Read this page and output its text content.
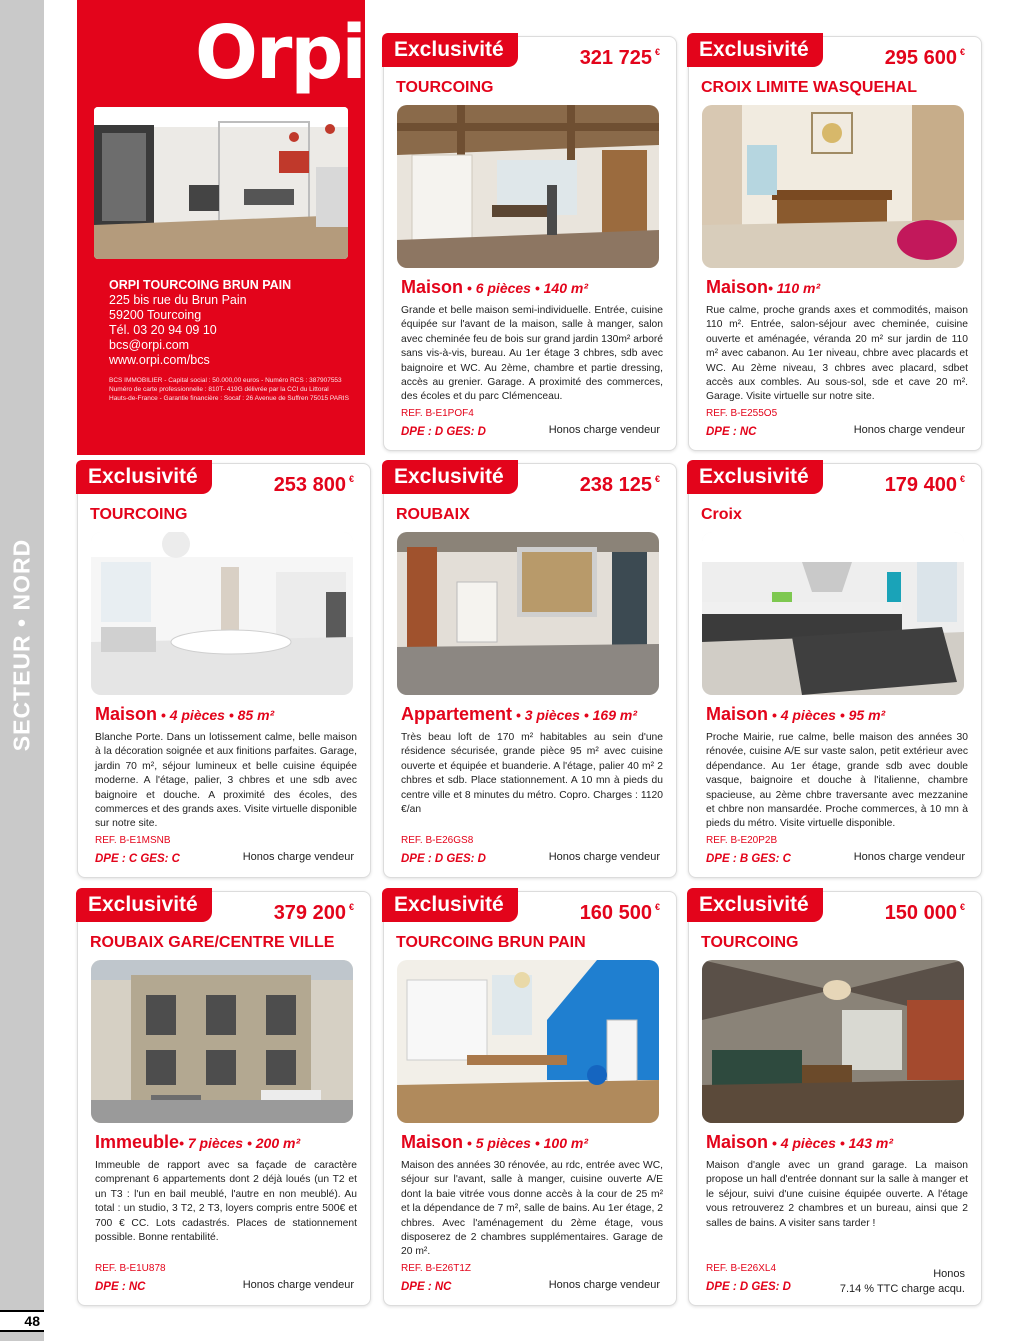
SECTEUR • NORD
48
Orpi
ORPI TOURCOING BRUN PAIN
225 bis rue du Brun Pain
59200 Tourcoing
Tél. 03 20 94 09 10
bcs@orpi.com
www.orpi.com/bcs
BCS IMMOBILIER - Capital social : 50.000,00 euros - Numéro RCS : 387907553 Numéro de carte professionnelle : 810T- 419G délivrée par la CCI du Littoral Hauts-de-France - Garantie financière : Socaf : 26 Avenue de Suffren 75015 PARIS
Exclusivité	321 725 €
TOURCOING
Maison • 6 pièces • 140 m²
Grande et belle maison semi-individuelle. Entrée, cuisine équipée sur l'avant de la maison, salle à manger, salon avec cheminée feu de bois sur grand jardin 130m² arboré sans vis-à-vis, bureau. Au 1er étage 3 chbres, sdb avec baignoire et WC. Au 2ème, chambre et partie dressing, accès au grenier. Garage. A proximité des commerces, des écoles et du parc Clémenceau.
REF. B-E1POF4
DPE : D GES: D	Honos charge vendeur
Exclusivité	295 600 €
CROIX LIMITE WASQUEHAL
Maison• 110 m²
Rue calme, proche grands axes et commodités, maison 110 m². Entrée, salon-séjour avec cheminée, cuisine ouverte et aménagée, véranda 20 m² sur jardin de 110 m² avec cabanon. Au 1er niveau, chbre avec placards et WC. Au 2ème niveau, 3 chbres avec placard, sdbet accès aux combles. Au sous-sol, sde et cave 20 m². Garage. Visite virtuelle sur notre site.
REF. B-E255O5
DPE : NC	Honos charge vendeur
Exclusivité	253 800 €
TOURCOING
Maison • 4 pièces • 85 m²
Blanche Porte. Dans un lotissement calme, belle maison à la décoration soignée et aux finitions parfaites. Garage, jardin 70 m², séjour lumineux et belle cuisine équipée moderne. A l'étage, palier, 3 chbres et une sdb avec baignoire et douche. A proximité des écoles, des commerces et des grands axes. Visite virtuelle disponible sur notre site.
REF. B-E1MSNB
DPE : C GES: C	Honos charge vendeur
Exclusivité	238 125 €
ROUBAIX
Appartement • 3 pièces • 169 m²
Très beau loft de 170 m² habitables au sein d'une résidence sécurisée, grande pièce 95 m² avec cuisine ouverte et équipée et buanderie. A l'étage, palier 40 m² 2 chbres et sdb. Place stationnement. A 10 mn à pieds du centre ville et 8 minutes du métro. Copro. Charges : 1120 €/an
REF. B-E26GS8
DPE : D GES: D	Honos charge vendeur
Exclusivité	179 400 €
Croix
Maison • 4 pièces • 95 m²
Proche Mairie, rue calme, belle maison des années 30 rénovée, cuisine A/E sur vaste salon, petit extérieur avec dépendance. Au 1er étage, grande sdb avec double vasque, baignoire et douche à l'italienne, chambre spacieuse, au 2ème chbre traversante avec mezzanine et chbre non mansardée. Proche commerces, à 10 mn à pieds du métro. Visite virtuelle disponible.
REF. B-E20P2B
DPE : B GES: C	Honos charge vendeur
Exclusivité	379 200 €
ROUBAIX GARE/CENTRE VILLE
Immeuble• 7 pièces • 200 m²
Immeuble de rapport avec sa façade de caractère comprenant 6 appartements dont 2 déjà loués (un T2 et un T3 : l'un en bail meublé, l'autre en non meublé). Au total : un studio, 3 T2, 2 T3, loyers compris entre 500€ et 700 € CC. Lots cadastrés. Places de stationnement possible. Bonne rentabilité.
REF. B-E1U878
DPE : NC	Honos charge vendeur
Exclusivité	160 500 €
TOURCOING BRUN PAIN
Maison • 5 pièces • 100 m²
Maison des années 30 rénovée, au rdc, entrée avec WC, séjour sur l'avant, salle à manger, cuisine ouverte A/E dont la baie vitrée vous donne accès à la cour de 25 m² et la dépendance de 7 m², salle de bains. Au 1er étage, 2 chbres. Avec l'aménagement du 2ème étage, vous disposerez de 2 chambres supplémentaires. Garage de 20 m².
REF. B-E26T1Z
DPE : NC	Honos charge vendeur
Exclusivité	150 000 €
TOURCOING
Maison • 4 pièces • 143 m²
Maison d'angle avec un grand garage. La maison propose un hall d'entrée donnant sur la salle à manger et le séjour, suivi d'une cuisine équipée ouverte. A l'étage vous retrouverez 2 chambres et un bureau, ainsi que 2 salles de bains. A visiter sans tarder !
REF. B-E26XL4
DPE : D GES: D
Honos
7.14 % TTC charge acqu.
